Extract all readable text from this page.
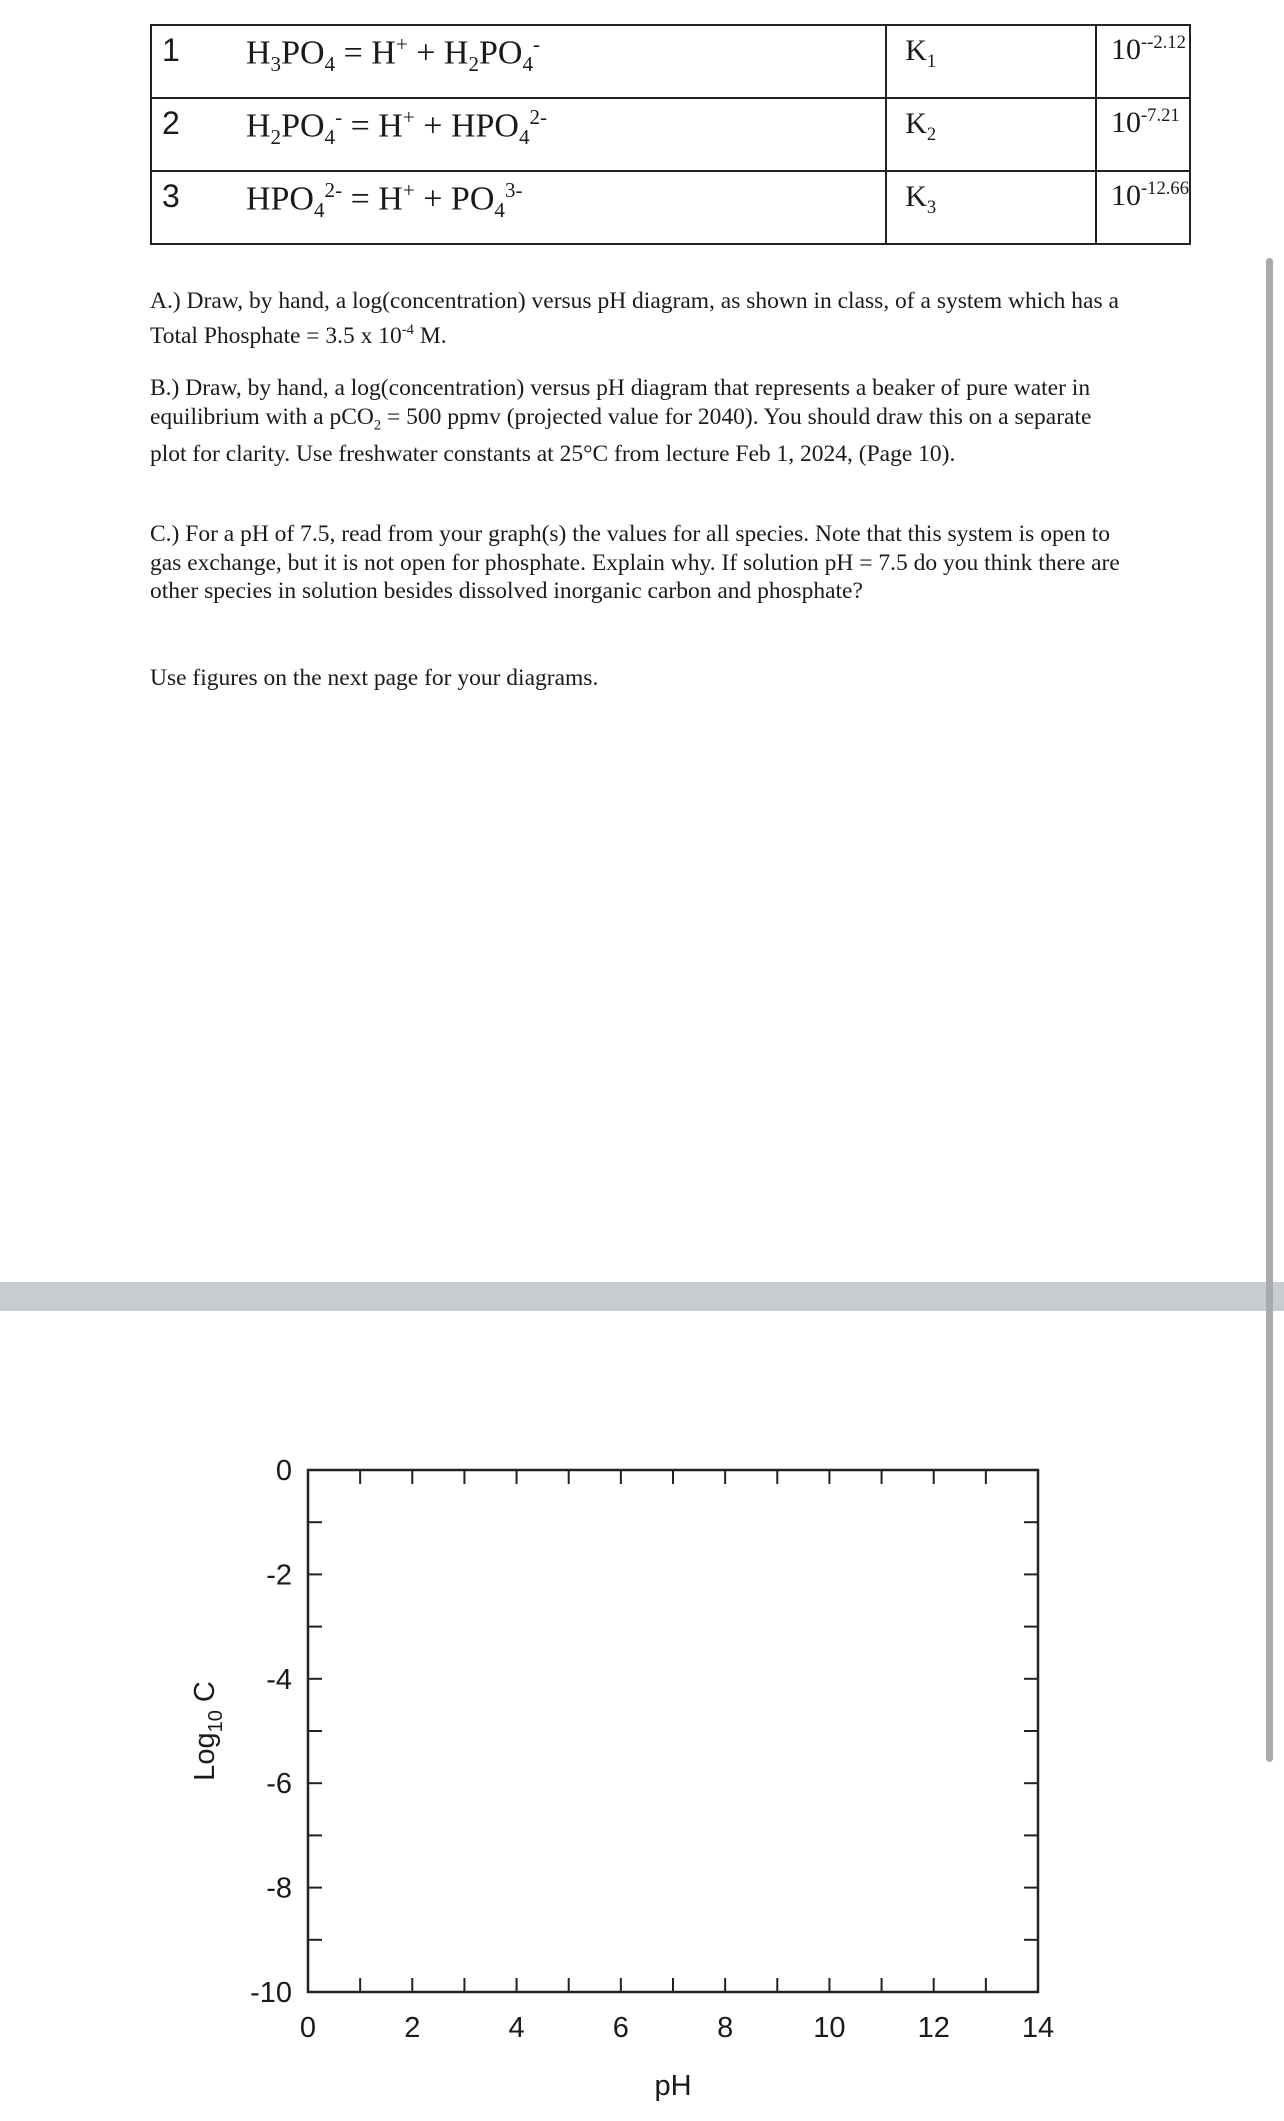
1	$H_3PO_4 = H^+ + H_2PO_4^-$	$K_1$	$10^{--2.12}$
2	$H_2PO_4^- = H^+ + HPO_4^{2-}$	$K_2$	$10^{-7.21}$
3	$HPO_4^{2-} = H^+ + PO_4^{3-}$	$K_3$	$10^{-12.66}$

A.) Draw, by hand, a log(concentration) versus pH diagram, as shown in class, of a system which has a Total Phosphate = 3.5 x $10^{-4}$ M.

B.) Draw, by hand, a log(concentration) versus pH diagram that represents a beaker of pure water in equilibrium with a pCO$_2$ = 500 ppmv (projected value for 2040). You should draw this on a separate plot for clarity. Use freshwater constants at 25°C from lecture Feb 1, 2024, (Page 10).

C.) For a pH of 7.5, read from your graph(s) the values for all species. Note that this system is open to gas exchange, but it is not open for phosphate. Explain why. If solution pH = 7.5 do you think there are other species in solution besides dissolved inorganic carbon and phosphate?

Use figures on the next page for your diagrams.

0	2	4	6	8	10 12 14
0
-2
-4
-6
-8
-10
pH
Log$_{10}$ C
